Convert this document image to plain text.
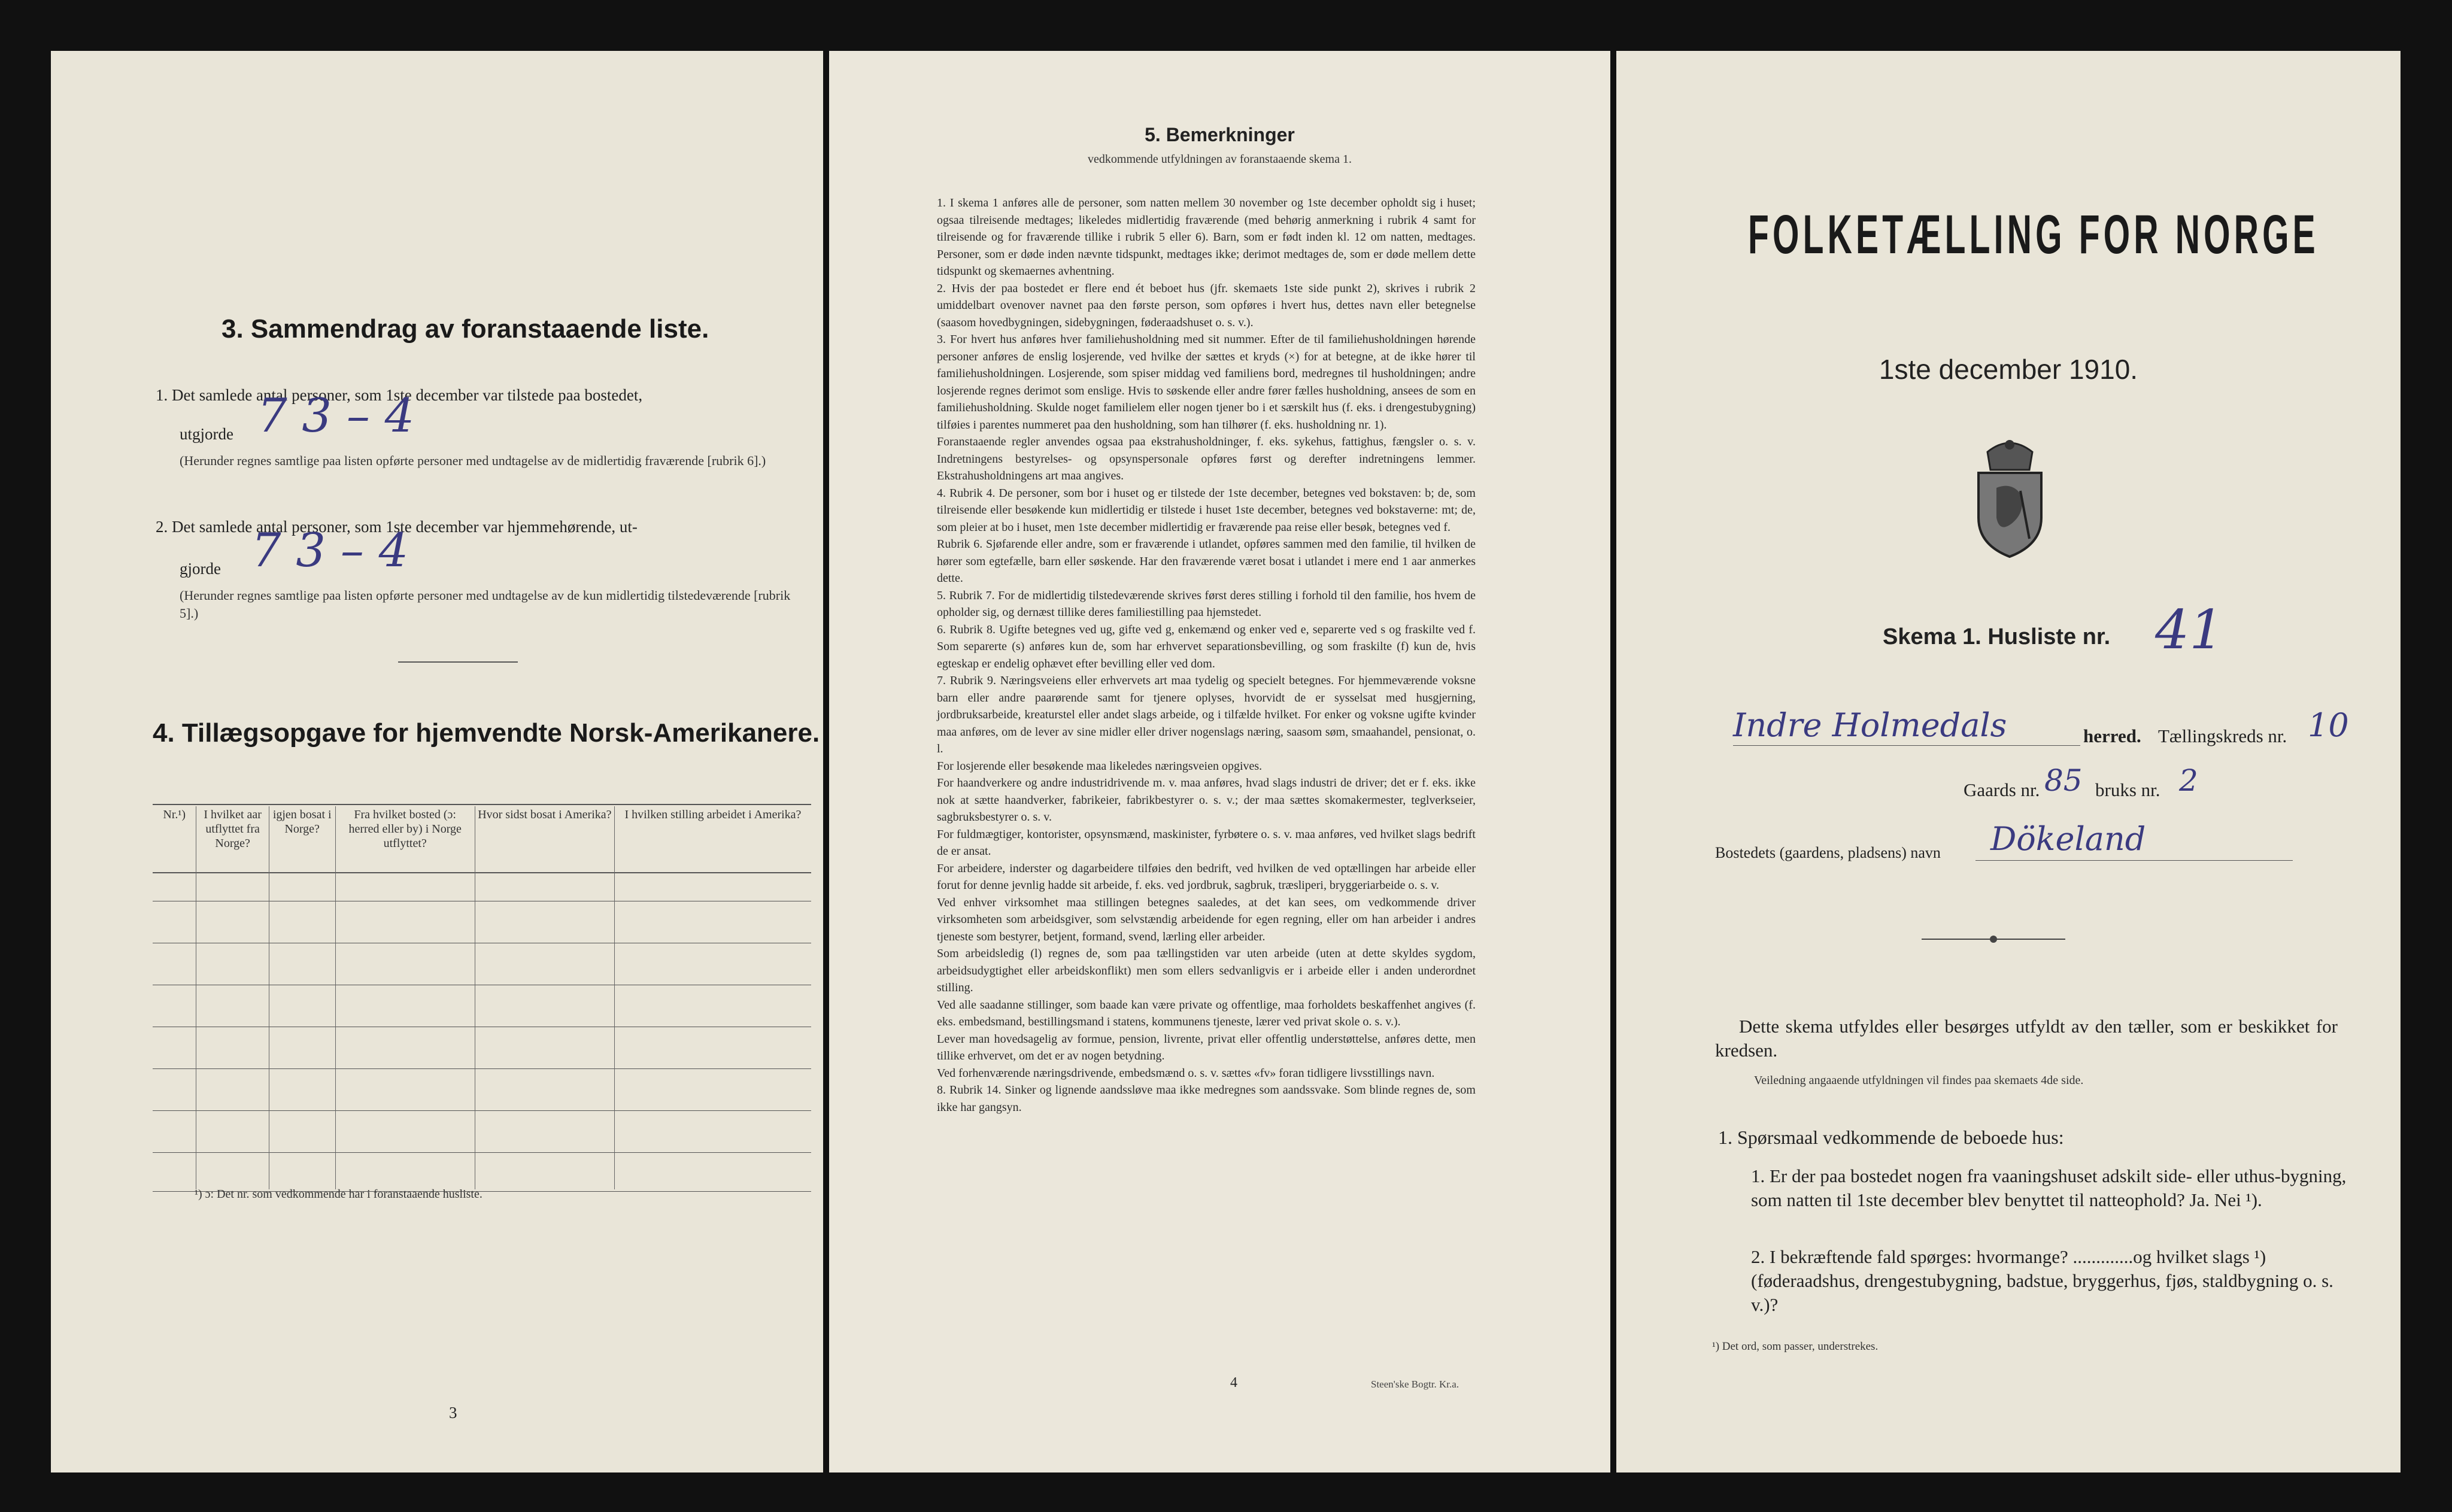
3. Sammendrag av foranstaaende liste.
1. Det samlede antal personer, som 1ste december var tilstede paa bostedet,
utgjorde 7 3 – 4
(Herunder regnes samtlige paa listen opførte personer med undtagelse av de midlertidig fraværende [rubrik 6].)
2. Det samlede antal personer, som 1ste december var hjemmehørende, ut-
gjorde 7 3 – 4
(Herunder regnes samtlige paa listen opførte personer med undtagelse av de kun midlertidig tilstedeværende [rubrik 5].)
4. Tillægsopgave for hjemvendte Norsk-Amerikanere.
Nr.¹)	I hvilket aar utflyttet fra Norge?	igjen bosat i Norge?	Fra hvilket bosted (ɔ: herred eller by) i Norge utflyttet?	Hvor sidst bosat i Amerika?	I hvilken stilling arbeidet i Amerika?

¹) ɔ: Det nr. som vedkommende har i foranstaaende husliste.
3
5. Bemerkninger
vedkommende utfyldningen av foranstaaende skema 1.

1. I skema 1 anføres alle de personer, som natten mellem 30 november og 1ste december opholdt sig i huset; ogsaa tilreisende medtages; likeledes midlertidig fraværende (med behørig anmerkning i rubrik 4 samt for tilreisende og for fraværende tillike i rubrik 5 eller 6). Barn, som er født inden kl. 12 om natten, medtages. Personer, som er døde inden nævnte tidspunkt, medtages ikke; derimot medtages de, som er døde mellem dette tidspunkt og skemaernes avhentning.

2. Hvis der paa bostedet er flere end ét beboet hus (jfr. skemaets 1ste side punkt 2), skrives i rubrik 2 umiddelbart ovenover navnet paa den første person, som opføres i hvert hus, dettes navn eller betegnelse (saasom hovedbygningen, sidebygningen, føderaadshuset o. s. v.).

3. For hvert hus anføres hver familiehusholdning med sit nummer. Efter de til familiehusholdningen hørende personer anføres de enslig losjerende, ved hvilke der sættes et kryds (×) for at betegne, at de ikke hører til familiehusholdningen. Losjerende, som spiser middag ved familiens bord, medregnes til husholdningen; andre losjerende regnes derimot som enslige. Hvis to søskende eller andre fører fælles husholdning, ansees de som en familiehusholdning. Skulde noget familielem eller nogen tjener bo i et særskilt hus (f. eks. i drengestubygning) tilføies i parentes nummeret paa den husholdning, som han tilhører (f. eks. husholdning nr. 1).

Foranstaaende regler anvendes ogsaa paa ekstrahusholdninger, f. eks. sykehus, fattighus, fængsler o. s. v. Indretningens bestyrelses- og opsynspersonale opføres først og derefter indretningens lemmer. Ekstrahusholdningens art maa angives.

4. Rubrik 4. De personer, som bor i huset og er tilstede der 1ste december, betegnes ved bokstaven: b; de, som tilreisende eller besøkende kun midlertidig er tilstede i huset 1ste december, betegnes ved bokstaverne: mt; de, som pleier at bo i huset, men 1ste december midlertidig er fraværende paa reise eller besøk, betegnes ved f.

Rubrik 6. Sjøfarende eller andre, som er fraværende i utlandet, opføres sammen med den familie, til hvilken de hører som egtefælle, barn eller søskende. Har den fraværende været bosat i utlandet i mere end 1 aar anmerkes dette.

5. Rubrik 7. For de midlertidig tilstedeværende skrives først deres stilling i forhold til den familie, hos hvem de opholder sig, og dernæst tillike deres familiestilling paa hjemstedet.

6. Rubrik 8. Ugifte betegnes ved ug, gifte ved g, enkemænd og enker ved e, separerte ved s og fraskilte ved f. Som separerte (s) anføres kun de, som har erhvervet separationsbevilling, og som fraskilte (f) kun de, hvis egteskap er endelig ophævet efter bevilling eller ved dom.

7. Rubrik 9. Næringsveiens eller erhvervets art maa tydelig og specielt betegnes. For hjemmeværende voksne barn eller andre paarørende samt for tjenere oplyses, hvorvidt de er sysselsat med husgjerning, jordbruksarbeide, kreaturstel eller andet slags arbeide, og i tilfælde hvilket. For enker og voksne ugifte kvinder maa anføres, om de lever av sine midler eller driver nogenslags næring, saasom søm, smaahandel, pensionat, o. l.

For losjerende eller besøkende maa likeledes næringsveien opgives.

For haandverkere og andre industridrivende m. v. maa anføres, hvad slags industri de driver; det er f. eks. ikke nok at sætte haandverker, fabrikeier, fabrikbestyrer o. s. v.; der maa sættes skomakermester, teglverkseier, sagbruksbestyrer o. s. v.

For fuldmægtiger, kontorister, opsynsmænd, maskinister, fyrbøtere o. s. v. maa anføres, ved hvilket slags bedrift de er ansat.

For arbeidere, inderster og dagarbeidere tilføies den bedrift, ved hvilken de ved optællingen har arbeide eller forut for denne jevnlig hadde sit arbeide, f. eks. ved jordbruk, sagbruk, træsliperi, bryggeriarbeide o. s. v.

Ved enhver virksomhet maa stillingen betegnes saaledes, at det kan sees, om vedkommende driver virksomheten som arbeidsgiver, som selvstændig arbeidende for egen regning, eller om han arbeider i andres tjeneste som bestyrer, betjent, formand, svend, lærling eller arbeider.

Som arbeidsledig (l) regnes de, som paa tællingstiden var uten arbeide (uten at dette skyldes sygdom, arbeidsudygtighet eller arbeidskonflikt) men som ellers sedvanligvis er i arbeide eller i anden underordnet stilling.

Ved alle saadanne stillinger, som baade kan være private og offentlige, maa forholdets beskaffenhet angives (f. eks. embedsmand, bestillingsmand i statens, kommunens tjeneste, lærer ved privat skole o. s. v.).

Lever man hovedsagelig av formue, pension, livrente, privat eller offentlig understøttelse, anføres dette, men tillike erhvervet, om det er av nogen betydning.

Ved forhenværende næringsdrivende, embedsmænd o. s. v. sættes «fv» foran tidligere livsstillings navn.

8. Rubrik 14. Sinker og lignende aandssløve maa ikke medregnes som aandssvake. Som blinde regnes de, som ikke har gangsyn.

4	Steen'ske Bogtr. Kr.a.
FOLKETÆLLING FOR NORGE
1ste december 1910.
Skema 1. Husliste nr. 41
Indre Holmedals	herred. Tællingskreds nr. 10
Gaards nr. 85 bruks nr. 2
Bostedets (gaardens, pladsens) navn Dökeland
Dette skema utfyldes eller besørges utfyldt av den tæller, som er beskikket for kredsen.
Veiledning angaaende utfyldningen vil findes paa skemaets 4de side.
1. Spørsmaal vedkommende de beboede hus:
1. Er der paa bostedet nogen fra vaaningshuset adskilt side- eller uthus-bygning, som natten til 1ste december blev benyttet til natteophold? Ja. Nei ¹).
2. I bekræftende fald spørges: hvormange? .............og hvilket slags ¹) (føderaadshus, drengestubygning, badstue, bryggerhus, fjøs, staldbygning o. s. v.)?
¹) Det ord, som passer, understrekes.
